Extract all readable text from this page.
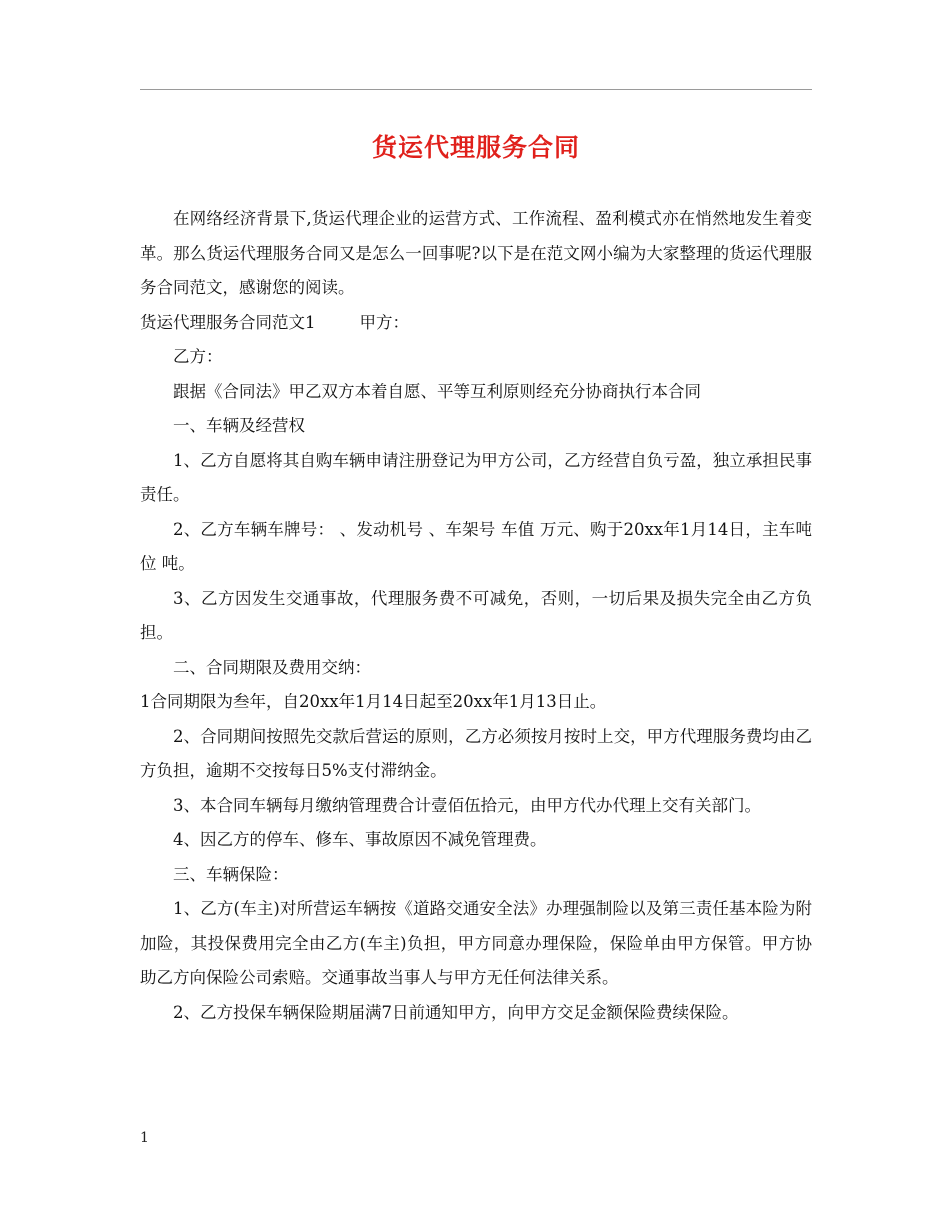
货运代理服务合同

在网络经济背景下,货运代理企业的运营方式、工作流程、盈利模式亦在悄然地发生着变革。那么货运代理服务合同又是怎么一回事呢?以下是在范文网小编为大家整理的货运代理服务合同范文，感谢您的阅读。

货运代理服务合同范文1	甲方：

乙方：

跟据《合同法》甲乙双方本着自愿、平等互利原则经充分协商执行本合同

一、车辆及经营权

1、乙方自愿将其自购车辆申请注册登记为甲方公司，乙方经营自负亏盈，独立承担民事责任。

2、乙方车辆车牌号： 、发动机号 、车架号 车值 万元、购于20xx年1月14日，主车吨位 吨。

3、乙方因发生交通事故，代理服务费不可减免，否则，一切后果及损失完全由乙方负担。

二、合同期限及费用交纳：

1合同期限为叁年，自20xx年1月14日起至20xx年1月13日止。

2、合同期间按照先交款后营运的原则，乙方必须按月按时上交，甲方代理服务费均由乙方负担，逾期不交按每日5%支付滞纳金。

3、本合同车辆每月缴纳管理费合计壹佰伍拾元，由甲方代办代理上交有关部门。

4、因乙方的停车、修车、事故原因不减免管理费。

三、车辆保险：

1、乙方(车主)对所营运车辆按《道路交通安全法》办理强制险以及第三责任基本险为附加险，其投保费用完全由乙方(车主)负担，甲方同意办理保险，保险单由甲方保管。甲方协助乙方向保险公司索赔。交通事故当事人与甲方无任何法律关系。

2、乙方投保车辆保险期届满7日前通知甲方，向甲方交足金额保险费续保险。

1
